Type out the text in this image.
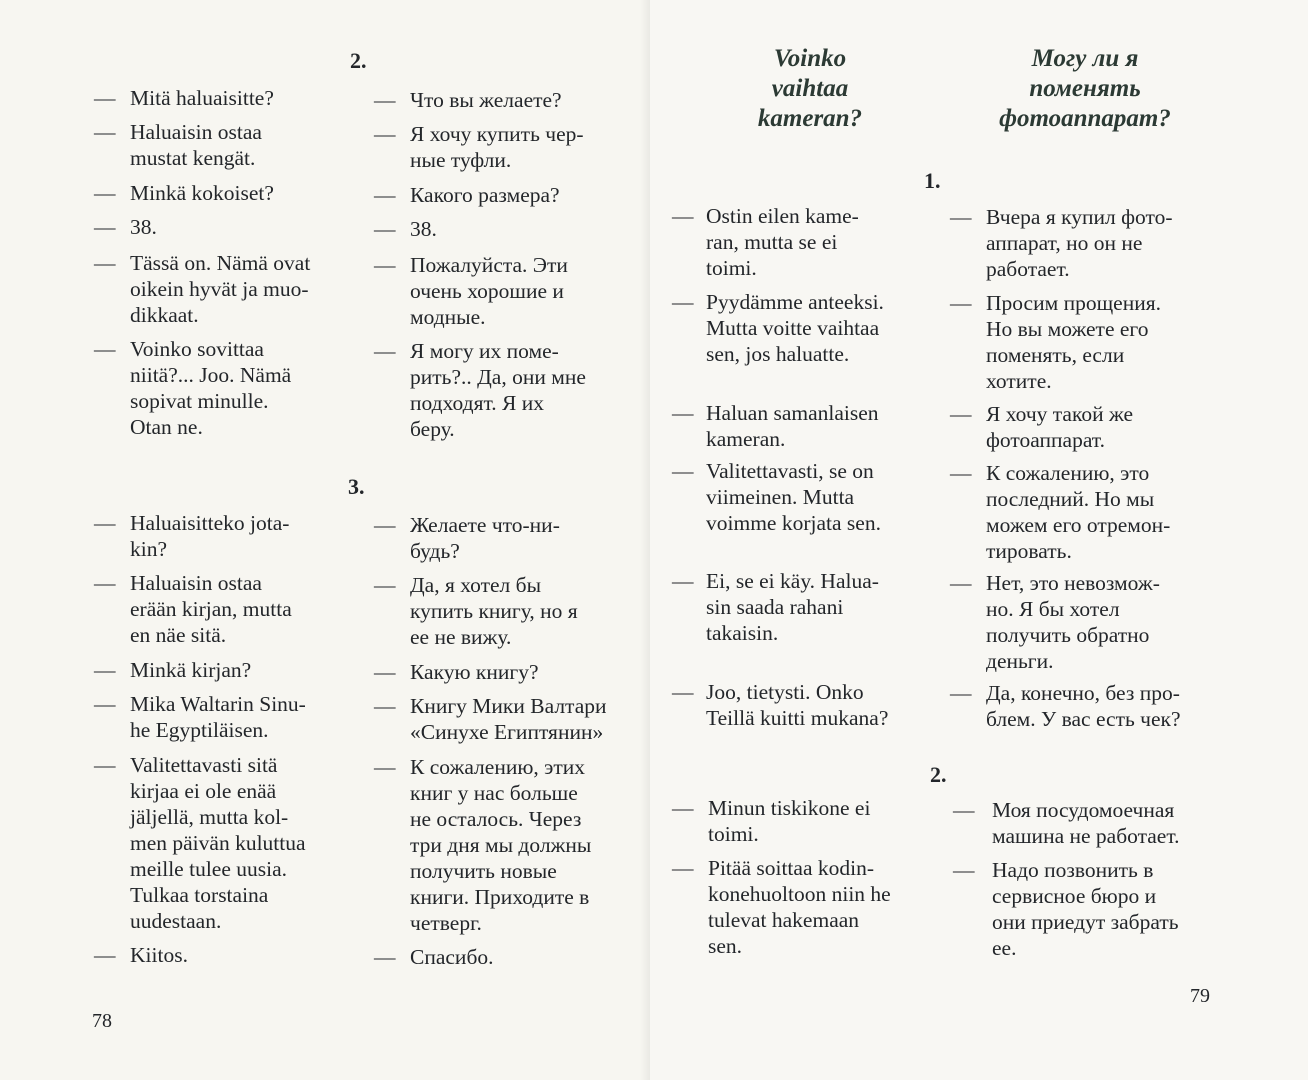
2.
3.
78
— Mitä haluaisitte?
— Haluaisin ostaa
mustat kengät.
— Minkä kokoiset?
— 38.
— Tässä on. Nämä ovat
oikein hyvät ja muo-
dikkaat.
— Voinko sovittaa
niitä?... Joo. Nämä
sopivat minulle.
Otan ne.
— Что вы желаете?
— Я хочу купить чер-
ные туфли.
— Какого размера?
— 38.
— Пожалуйста. Эти
очень хорошие и
модные.
— Я могу их поме-
рить?.. Да, они мне
подходят. Я их
беру.
— Haluaisitteko jota-
kin?
— Haluaisin ostaa
erään kirjan, mutta
en näe sitä.
— Minkä kirjan?
— Mika Waltarin Sinu-
he Egyptiläisen.
— Valitettavasti sitä
kirjaa ei ole enää
jäljellä, mutta kol-
men päivän kuluttua
meille tulee uusia.
Tulkaa torstaina
uudestaan.
— Kiitos.
— Желаете что-ни-
будь?
— Да, я хотел бы
купить книгу, но я
ее не вижу.
— Какую книгу?
— Книгу Мики Валтари
«Синухе Египтянин»
— К сожалению, этих
книг у нас больше
не осталось. Через
три дня мы должны
получить новые
книги. Приходите в
четверг.
— Спасибо.
Voinko
vaihtaa
kameran?
Могу ли я
поменять
фотоаппарат?
1.
2.
79
— Ostin eilen kame-
ran, mutta se ei
toimi.
— Pyydämme anteeksi.
Mutta voitte vaihtaa
sen, jos haluatte.
— Haluan samanlaisen
kameran.
— Valitettavasti, se on
viimeinen. Mutta
voimme korjata sen.
— Ei, se ei käy. Halua-
sin saada rahani
takaisin.
— Joo, tietysti. Onko
Teillä kuitti mukana?
— Вчера я купил фото-
аппарат, но он не
работает.
— Просим прощения.
Но вы можете его
поменять, если
хотите.
— Я хочу такой же
фотоаппарат.
— К сожалению, это
последний. Но мы
можем его отремон-
тировать.
— Нет, это невозмож-
но. Я бы хотел
получить обратно
деньги.
— Да, конечно, без про-
блем. У вас есть чек?
— Minun tiskikone ei
toimi.
— Pitää soittaa kodin-
konehuoltoon niin he
tulevat hakemaan
sen.
— Моя посудомоечная
машина не работает.
— Надо позвонить в
сервисное бюро и
они приедут забрать
ее.
